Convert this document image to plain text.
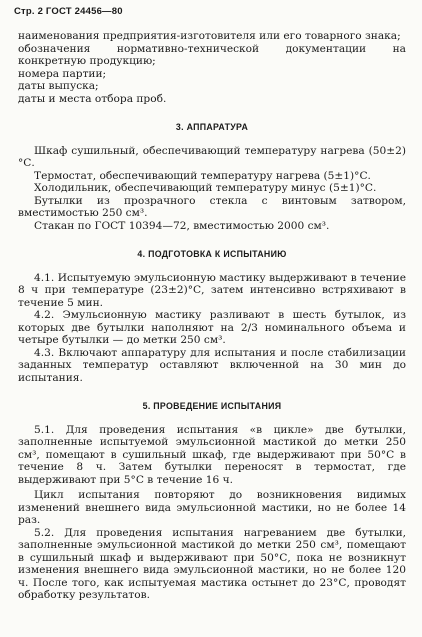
Стр. 2 ГОСТ 24456—80

наименования предприятия-изготовителя или его товарного знака;

обозначения нормативно-технической документации на конкретную продукцию;

номера партии;

даты выпуска;

даты и места отбора проб.

3. АППАРАТУРА

Шкаф сушильный, обеспечивающий температуру нагрева (50±2)°С.

Термостат, обеспечивающий температуру нагрева (5±1)°С.

Холодильник, обеспечивающий температуру минус (5±1)°С.

Бутылки из прозрачного стекла с винтовым затвором, вместимостью 250 см³.

Стакан по ГОСТ 10394—72, вместимостью 2000 см³.

4. ПОДГОТОВКА К ИСПЫТАНИЮ

4.1. Испытуемую эмульсионную мастику выдерживают в течение 8 ч при температуре (23±2)°С, затем интенсивно встряхивают в течение 5 мин.

4.2. Эмульсионную мастику разливают в шесть бутылок, из которых две бутылки наполняют на 2/3 номинального объема и четыре бутылки — до метки 250 см³.

4.3. Включают аппаратуру для испытания и после стабилизации заданных температур оставляют включенной на 30 мин до испытания.

5. ПРОВЕДЕНИЕ ИСПЫТАНИЯ

5.1. Для проведения испытания «в цикле» две бутылки, заполненные испытуемой эмульсионной мастикой до метки 250 см³, помещают в сушильный шкаф, где выдерживают при 50°С в течение 8 ч. Затем бутылки переносят в термостат, где выдерживают при 5°С в течение 16 ч.

Цикл испытания повторяют до возникновения видимых изменений внешнего вида эмульсионной мастики, но не более 14 раз.

5.2. Для проведения испытания нагреванием две бутылки, заполненные эмульсионной мастикой до метки 250 см³, помещают в сушильный шкаф и выдерживают при 50°С, пока не возникнут изменения внешнего вида эмульсионной мастики, но не более 120 ч. После того, как испытуемая мастика остынет до 23°С, проводят обработку результатов.
